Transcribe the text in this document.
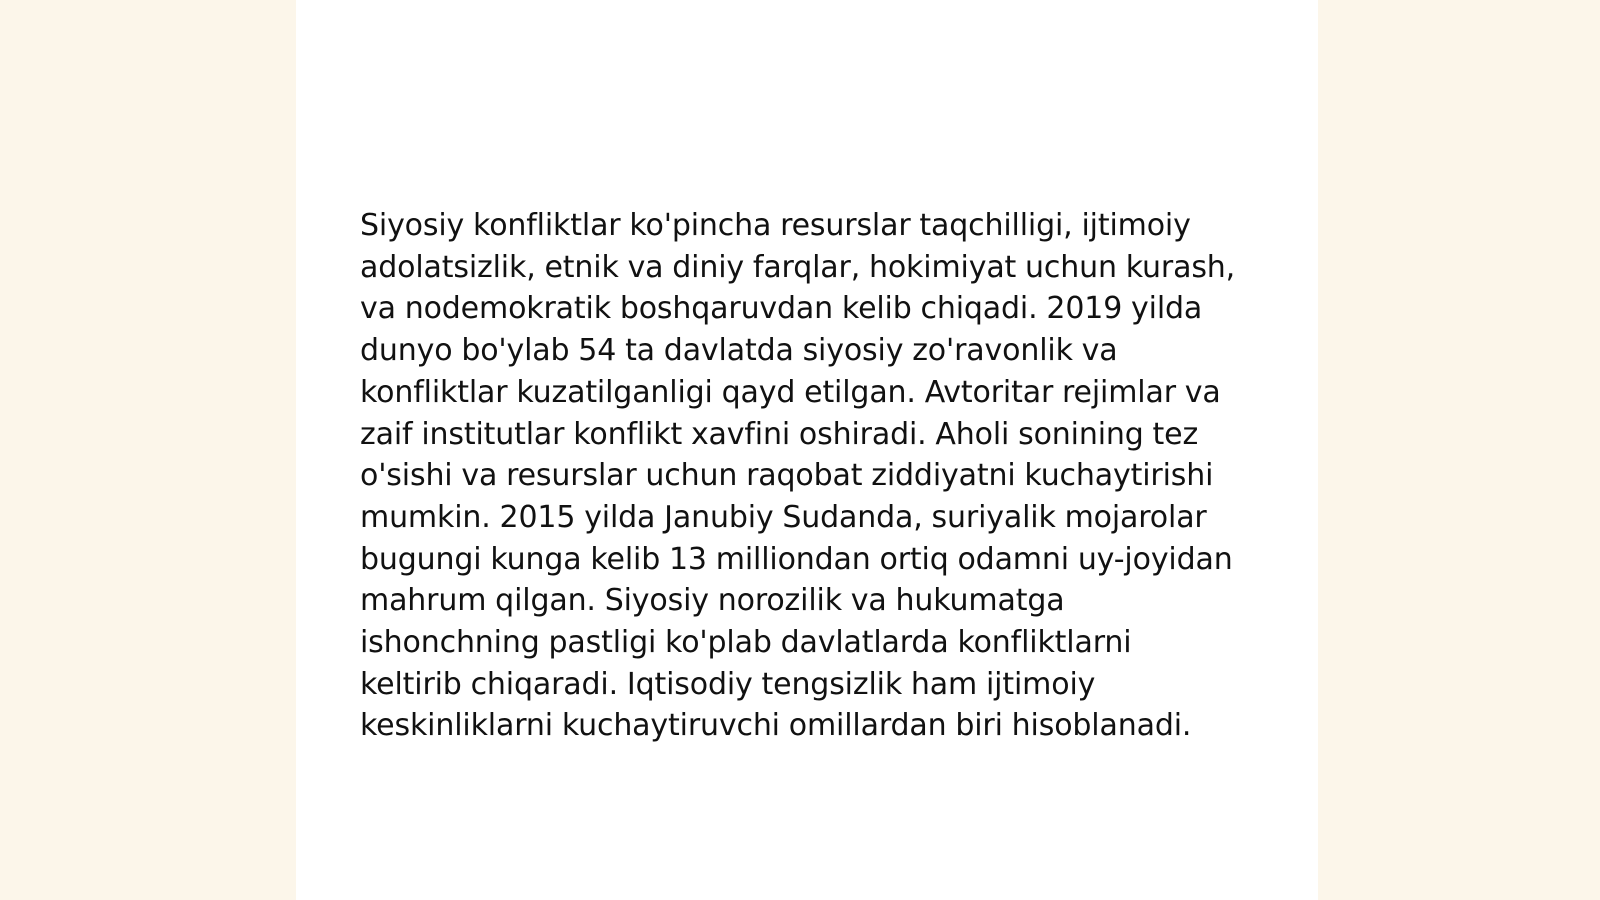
Siyosiy konfliktlar ko'pincha resurslar taqchilligi, ijtimoiy adolatsizlik, etnik va diniy farqlar, hokimiyat uchun kurash, va nodemokratik boshqaruvdan kelib chiqadi. 2019 yilda dunyo bo'ylab 54 ta davlatda siyosiy zo'ravonlik va konfliktlar kuzatilganligi qayd etilgan. Avtoritar rejimlar va zaif institutlar konflikt xavfini oshiradi. Aholi sonining tez o'sishi va resurslar uchun raqobat ziddiyatni kuchaytirishi mumkin. 2015 yilda Janubiy Sudanda, suriyalik mojarolar bugungi kunga kelib 13 milliondan ortiq odamni uy-joyidan mahrum qilgan. Siyosiy norozilik va hukumatga ishonchning pastligi ko'plab davlatlarda konfliktlarni keltirib chiqaradi. Iqtisodiy tengsizlik ham ijtimoiy keskinliklarni kuchaytiruvchi omillardan biri hisoblanadi.
